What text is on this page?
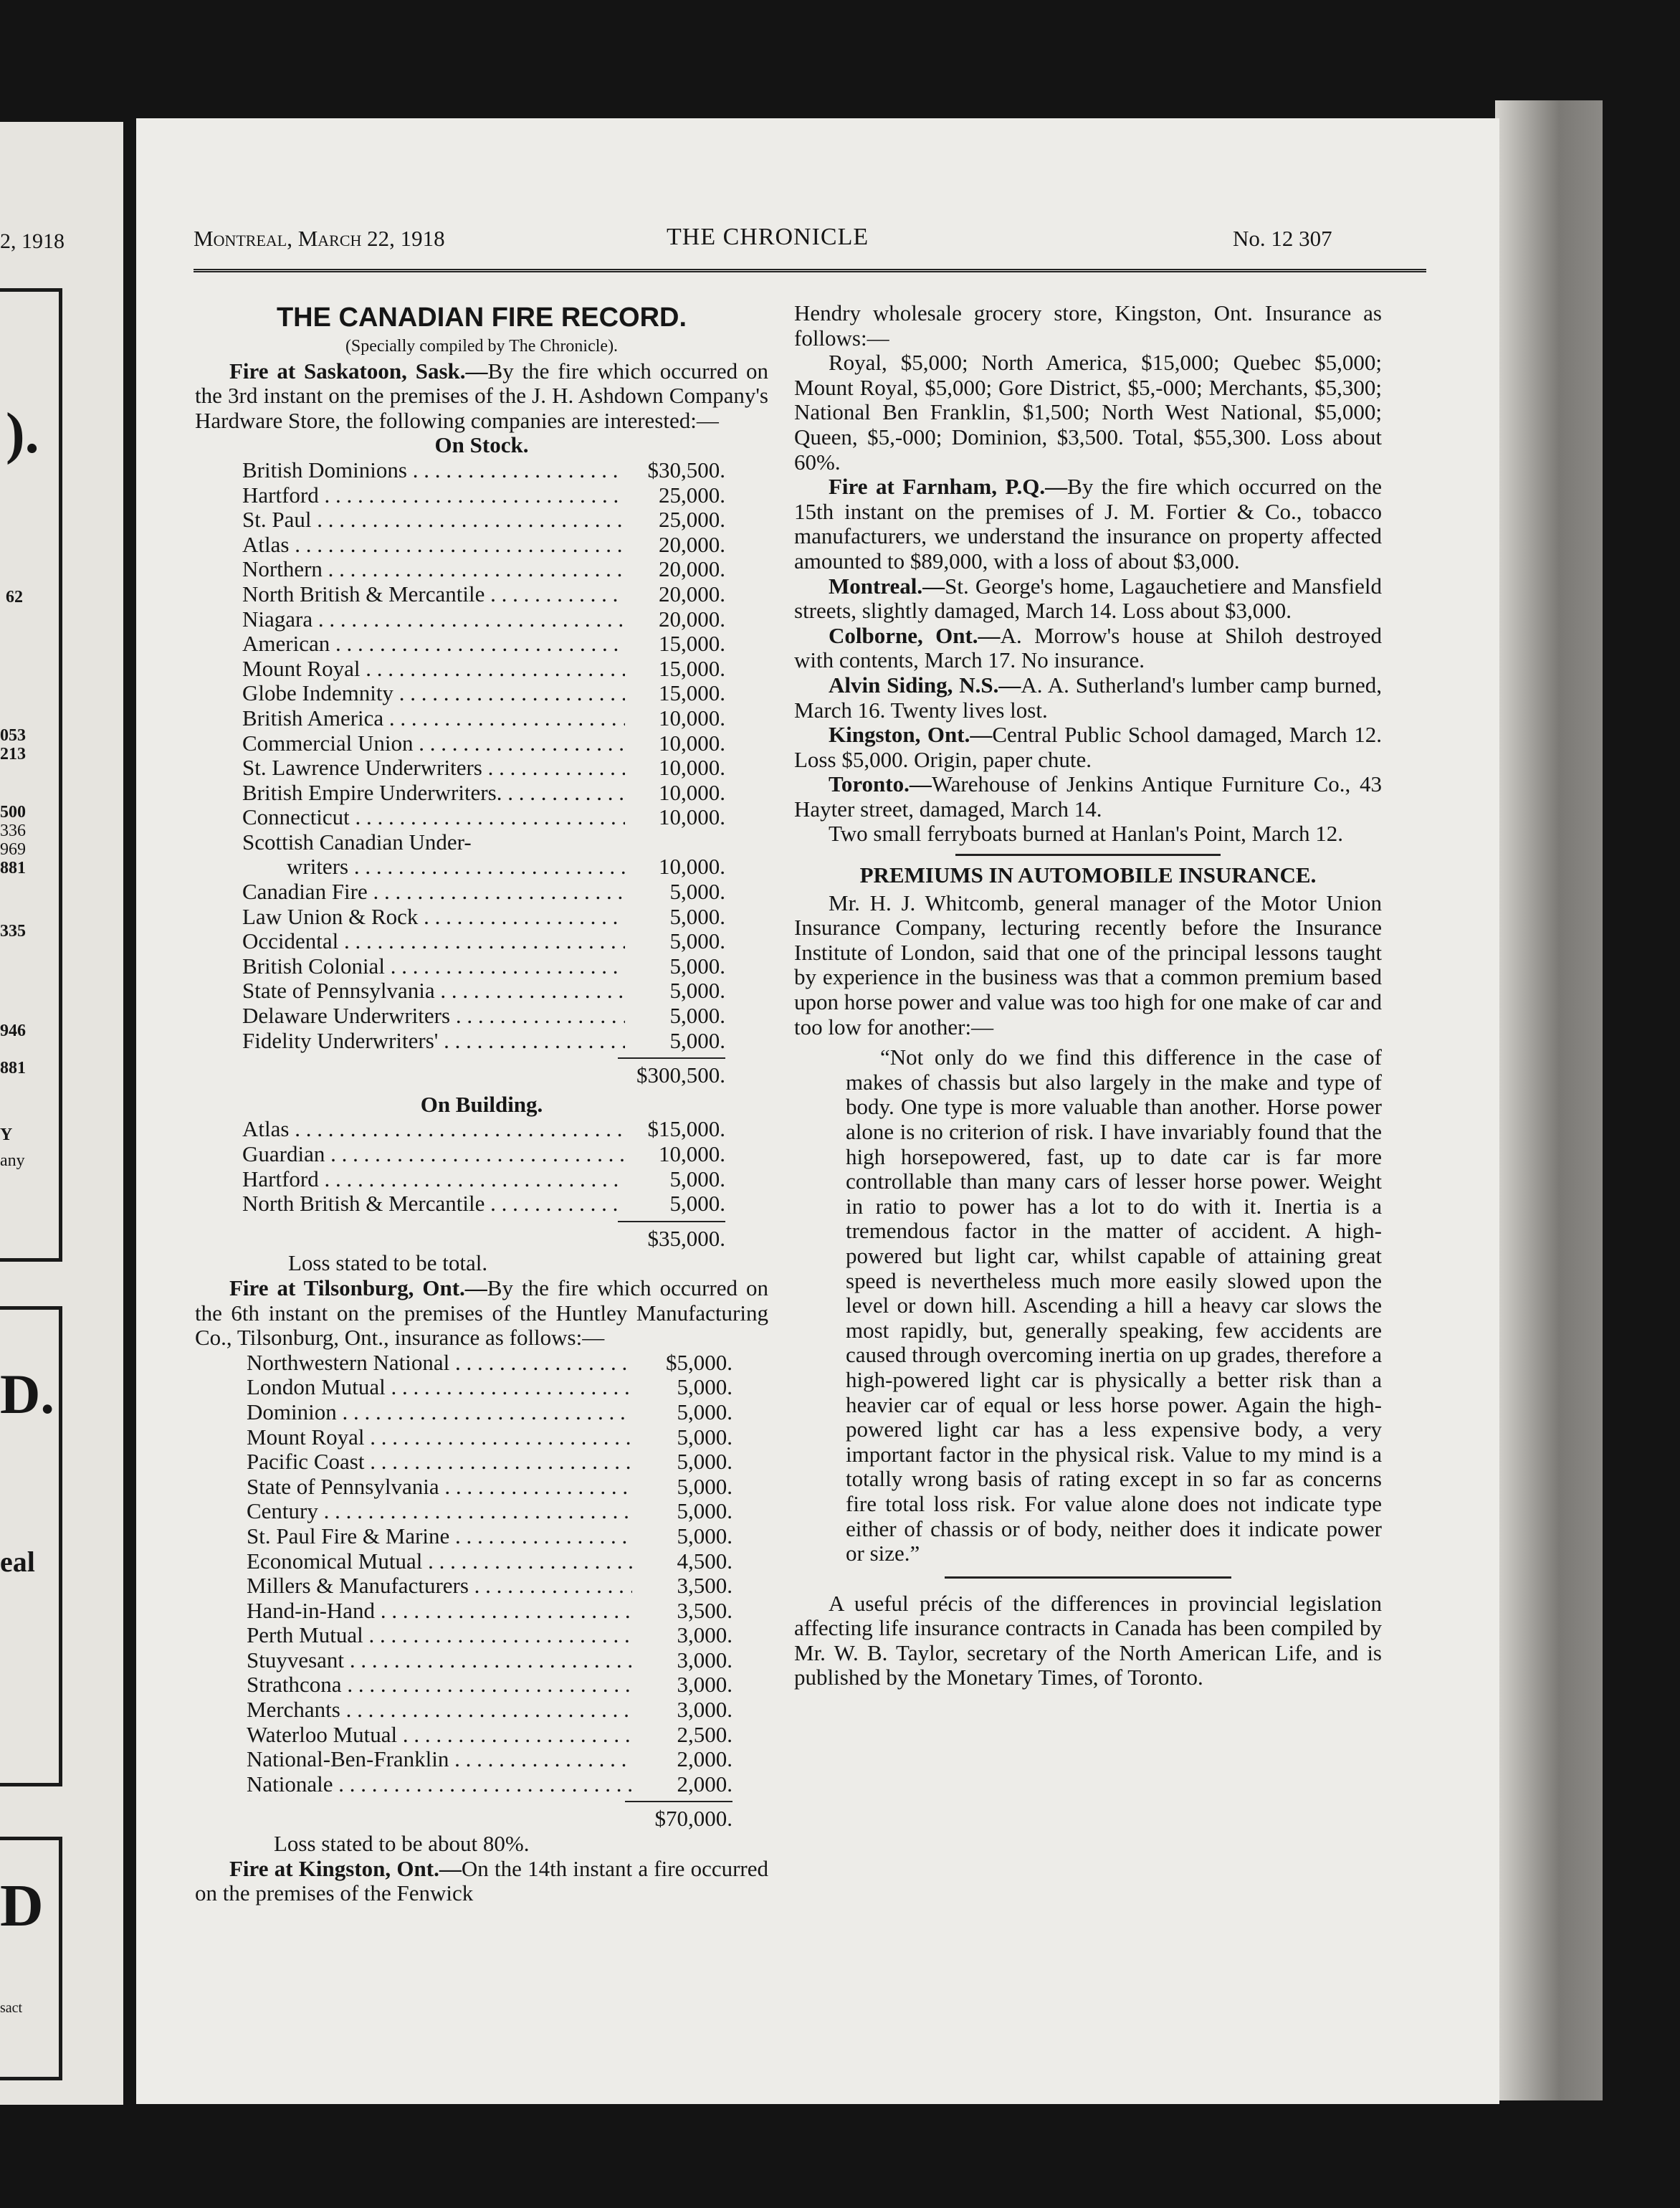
2, 1918
).
62
053
213
500
336
969
881
335
946
881
Y
any
D.
eal
D
sact
Montreal, March 22, 1918	THE CHRONICLE	No. 12 307
THE CANADIAN FIRE RECORD.
(Specially compiled by The Chronicle).

Fire at Saskatoon, Sask.—By the fire which occurred on the 3rd instant on the premises of the J. H. Ashdown Company's Hardware Store, the following companies are interested:—

On Stock.
British Dominions . . .	$30,500.
Hartford . . .	25,000.
St. Paul . . .	25,000.
Atlas . . .	20,000.
Northern . . .	20,000.
North British & Mercantile . . .	20,000.
Niagara . . .	20,000.
American . . .	15,000.
Mount Royal . . .	15,000.
Globe Indemnity . . .	15,000.
British America . . .	10,000.
Commercial Union . . .	10,000.
St. Lawrence Underwriters . . .	10,000.
British Empire Underwriters. . . .	10,000.
Connecticut . . .	10,000.
Scottish Canadian Under-
writers . . .	10,000.
Canadian Fire . . .	5,000.
Law Union & Rock . . .	5,000.
Occidental . . .	5,000.
British Colonial . . .	5,000.
State of Pennsylvania . . .	5,000.
Delaware Underwriters . . .	5,000.
Fidelity Underwriters' . . .	5,000.
$300,500.
On Building.
Atlas . . .	$15,000.
Guardian . . .	10,000.
Hartford . . .	5,000.
North British & Mercantile . . .	5,000.
$35,000.
Loss stated to be total.

Fire at Tilsonburg, Ont.—By the fire which occurred on the 6th instant on the premises of the Huntley Manufacturing Co., Tilsonburg, Ont., insurance as follows:—

Northwestern National . . .	$5,000.
London Mutual . . .	5,000.
Dominion . . .	5,000.
Mount Royal . . .	5,000.
Pacific Coast . . .	5,000.
State of Pennsylvania . . .	5,000.
Century . . .	5,000.
St. Paul Fire & Marine . . .	5,000.
Economical Mutual . . .	4,500.
Millers & Manufacturers . . .	3,500.
Hand-in-Hand . . .	3,500.
Perth Mutual . . .	3,000.
Stuyvesant . . .	3,000.
Strathcona . . .	3,000.
Merchants . . .	3,000.
Waterloo Mutual . . .	2,500.
National-Ben-Franklin . . .	2,000.
Nationale . . .	2,000.
$70,000.
Loss stated to be about 80%.

Fire at Kingston, Ont.—On the 14th instant a fire occurred on the premises of the Fenwick

Hendry wholesale grocery store, Kingston, Ont. Insurance as follows:—

Royal, $5,000; North America, $15,000; Quebec $5,000; Mount Royal, $5,000; Gore District, $5,-000; Merchants, $5,300; National Ben Franklin, $1,500; North West National, $5,000; Queen, $5,-000; Dominion, $3,500. Total, $55,300. Loss about 60%.

Fire at Farnham, P.Q.—By the fire which occurred on the 15th instant on the premises of J. M. Fortier & Co., tobacco manufacturers, we understand the insurance on property affected amounted to $89,000, with a loss of about $3,000.

Montreal.—St. George's home, Lagauchetiere and Mansfield streets, slightly damaged, March 14. Loss about $3,000.

Colborne, Ont.—A. Morrow's house at Shiloh destroyed with contents, March 17. No insurance.

Alvin Siding, N.S.—A. A. Sutherland's lumber camp burned, March 16. Twenty lives lost.

Kingston, Ont.—Central Public School damaged, March 12. Loss $5,000. Origin, paper chute.

Toronto.—Warehouse of Jenkins Antique Furniture Co., 43 Hayter street, damaged, March 14.

Two small ferryboats burned at Hanlan's Point, March 12.

PREMIUMS IN AUTOMOBILE INSURANCE.

Mr. H. J. Whitcomb, general manager of the Motor Union Insurance Company, lecturing recently before the Insurance Institute of London, said that one of the principal lessons taught by experience in the business was that a common premium based upon horse power and value was too high for one make of car and too low for another:—

“Not only do we find this difference in the case of makes of chassis but also largely in the make and type of body. One type is more valuable than another. Horse power alone is no criterion of risk. I have invariably found that the high horsepowered, fast, up to date car is far more controllable than many cars of lesser horse power. Weight in ratio to power has a lot to do with it. Inertia is a tremendous factor in the matter of accident. A high-powered but light car, whilst capable of attaining great speed is nevertheless much more easily slowed upon the level or down hill. Ascending a hill a heavy car slows the most rapidly, but, generally speaking, few accidents are caused through overcoming inertia on up grades, therefore a high-powered light car is physically a better risk than a heavier car of equal or less horse power. Again the high-powered light car has a less expensive body, a very important factor in the physical risk. Value to my mind is a totally wrong basis of rating except in so far as concerns fire total loss risk. For value alone does not indicate type either of chassis or of body, neither does it indicate power or size.”

A useful précis of the differences in provincial legislation affecting life insurance contracts in Canada has been compiled by Mr. W. B. Taylor, secretary of the North American Life, and is published by the Monetary Times, of Toronto.
